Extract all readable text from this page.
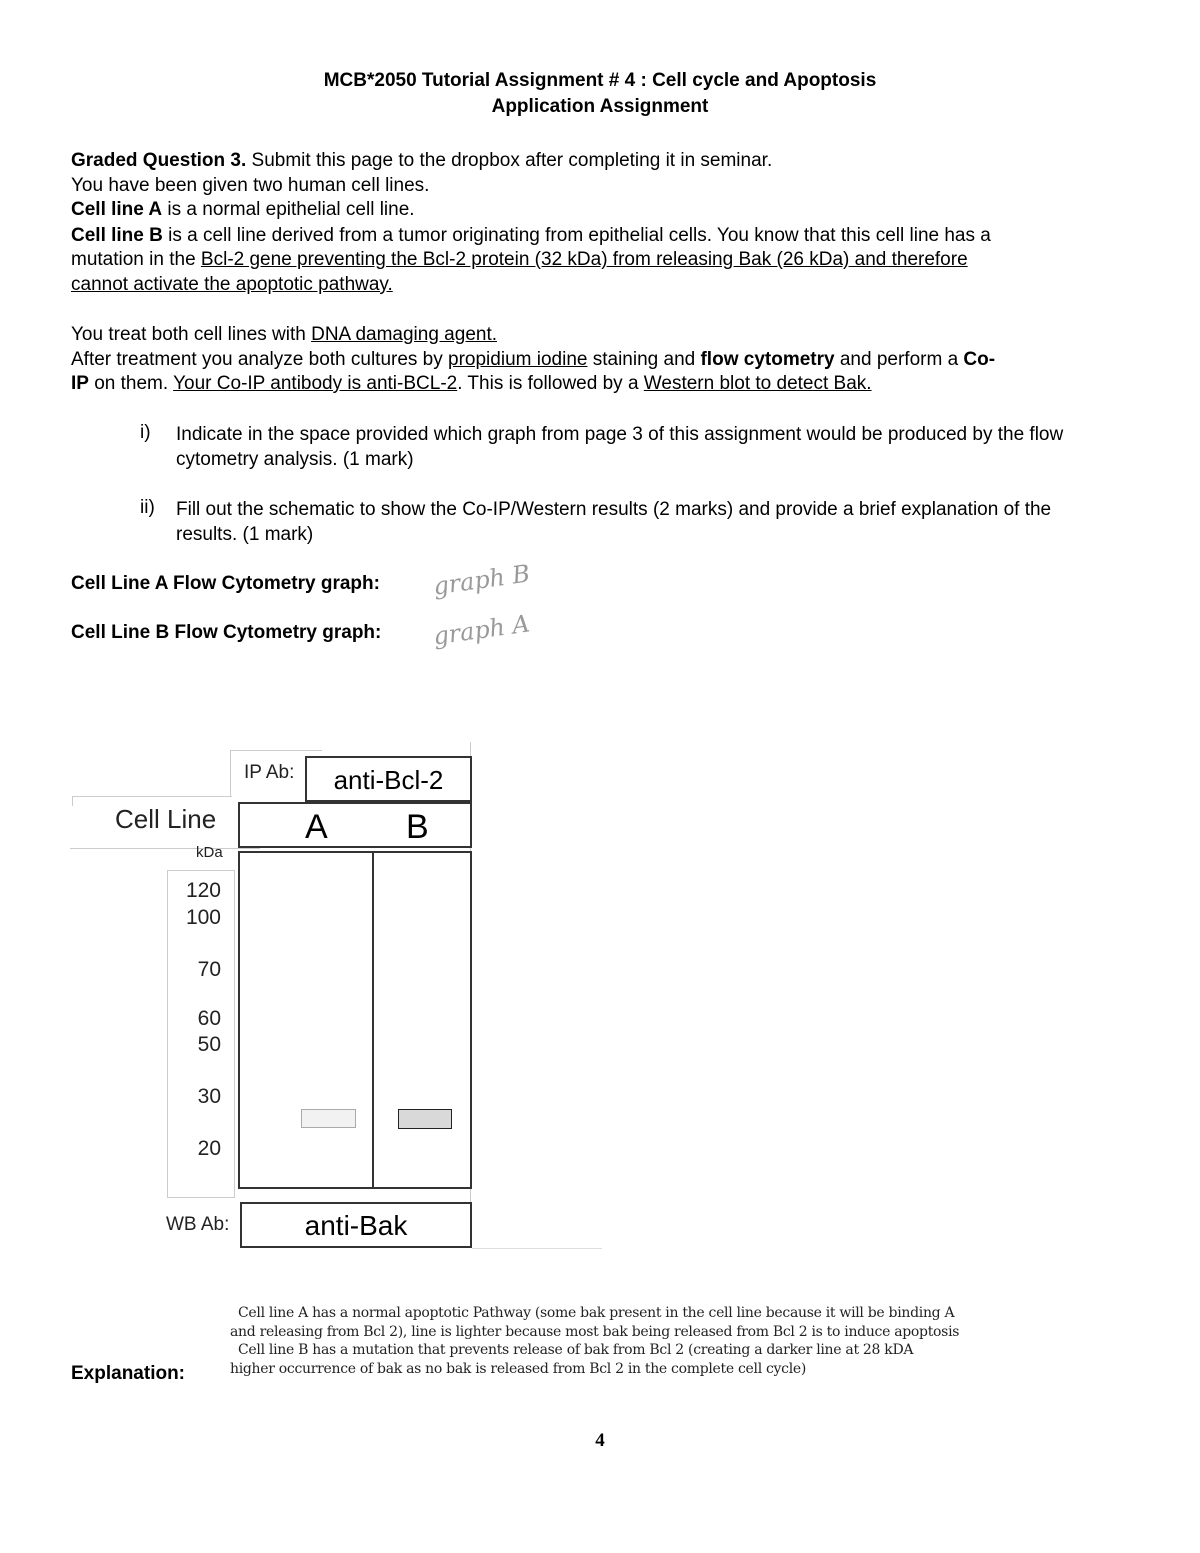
MCB*2050 Tutorial Assignment # 4 : Cell cycle and Apoptosis
Application Assignment
Graded Question 3. Submit this page to the dropbox after completing it in seminar.
You have been given two human cell lines.
Cell line A is a normal epithelial cell line.
Cell line B is a cell line derived from a tumor originating from epithelial cells. You know that this cell line has a
mutation in the Bcl-2 gene preventing the Bcl-2 protein (32 kDa) from releasing Bak (26 kDa) and therefore
cannot activate the apoptotic pathway.
You treat both cell lines with DNA damaging agent.
After treatment you analyze both cultures by propidium iodine staining and flow cytometry and perform a Co-
IP on them. Your Co-IP antibody is anti-BCL-2. This is followed by a Western blot to detect Bak.
i) Indicate in the space provided which graph from page 3 of this assignment would be produced by the flow cytometry analysis. (1 mark)
ii) Fill out the schematic to show the Co-IP/Western results (2 marks) and provide a brief explanation of the results. (1 mark)
Cell Line A Flow Cytometry graph: graph B
Cell Line B Flow Cytometry graph: graph A
IP Ab:	anti-Bcl-2
Cell Line	A B
kDa
120
100
70
60
50
30
20
WB Ab:	anti-Bak
Explanation:
Cell line A has a normal apoptotic Pathway (some bak present in the cell line because it will be binding A
and releasing from Bcl 2), line is lighter because most bak being released from Bcl 2 is to induce apoptosis
Cell line B has a mutation that prevents release of bak from Bcl 2 (creating a darker line at 28 kDA
higher occurrence of bak as no bak is released from Bcl 2 in the complete cell cycle)
4
